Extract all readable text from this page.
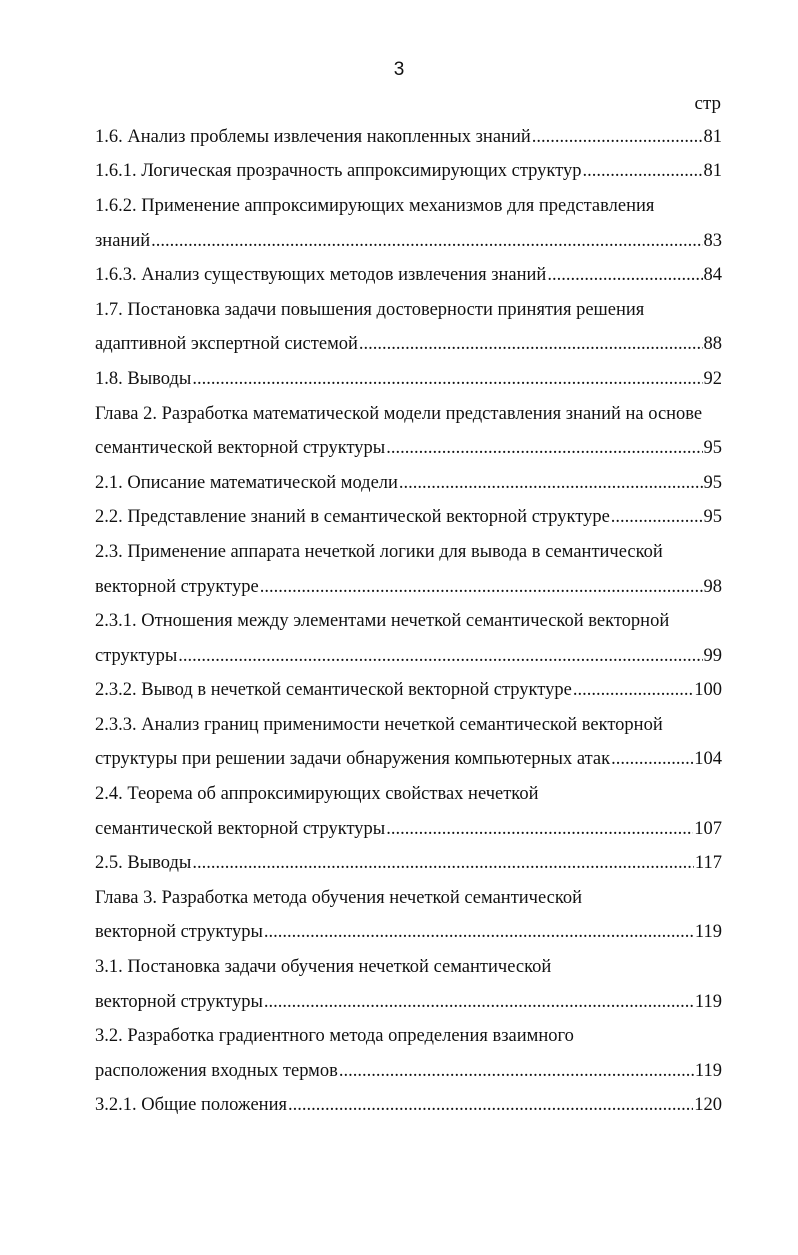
3
стр
1.6. Анализ проблемы извлечения накопленных знаний .....	81
1.6.1. Логическая прозрачность аппроксимирующих структур .....	81
1.6.2. Применение аппроксимирующих механизмов для представления
знаний .....	83
1.6.3. Анализ существующих методов извлечения знаний .....	84
1.7. Постановка задачи повышения достоверности принятия решения
адаптивной экспертной системой .....	88
1.8. Выводы .....	92
Глава 2. Разработка математической модели представления знаний на основе
семантической векторной структуры .....	95
2.1. Описание математической модели .....	95
2.2. Представление знаний в семантической векторной структуре .....	95
2.3. Применение аппарата нечеткой логики для вывода в семантической
векторной структуре .....	98
2.3.1. Отношения между элементами нечеткой семантической векторной
структуры .....	99
2.3.2. Вывод в нечеткой семантической векторной структуре .....	100
2.3.3. Анализ границ применимости нечеткой семантической векторной
структуры при решении задачи обнаружения компьютерных атак .....	104
2.4. Теорема об аппроксимирующих свойствах нечеткой
семантической векторной структуры .....	107
2.5. Выводы .....	117
Глава 3. Разработка метода обучения нечеткой семантической
векторной структуры .....	119
3.1. Постановка задачи обучения нечеткой семантической
векторной структуры .....	119
3.2. Разработка градиентного метода определения взаимного
расположения входных термов .....	119
3.2.1. Общие положения .....	120
